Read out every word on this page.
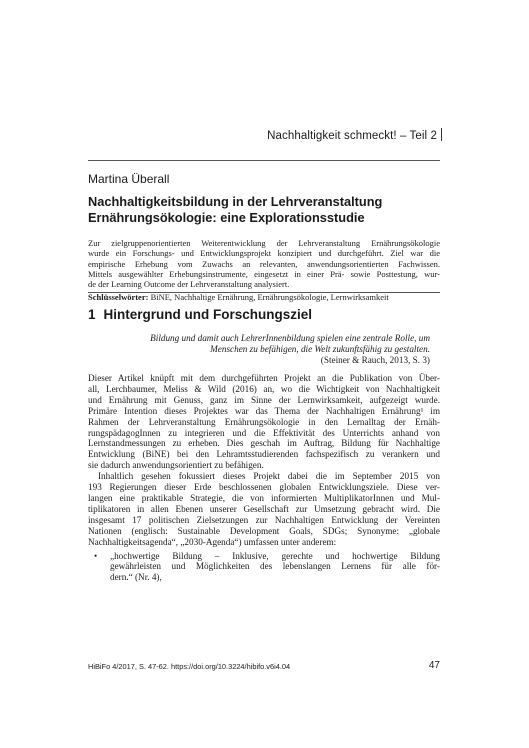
Nachhaltigkeit schmeckt! – Teil 2
Martina Überall
Nachhaltigkeitsbildung in der Lehrveranstaltung
Ernährungsökologie: eine Explorationsstudie
Zur zielgruppenorientierten Weiterentwicklung der Lehrveranstaltung Ernährungsökologie
wurde ein Forschungs- und Entwicklungsprojekt konzipiert und durchgeführt. Ziel war die
empirische Erhebung vom Zuwachs an relevanten, anwendungsorientierten Fachwissen.
Mittels ausgewählter Erhebungsinstrumente, eingesetzt in einer Prä- sowie Posttestung, wur-
de der Learning Outcome der Lehrveranstaltung analysiert.
Schlüsselwörter: BiNE, Nachhaltige Ernährung, Ernährungsökologie, Lernwirksamkeit
1 Hintergrund und Forschungsziel
Bildung und damit auch LehrerInnenbildung spielen eine zentrale Rolle, um
Menschen zu befähigen, die Welt zukunftsfähig zu gestalten.
(Steiner & Rauch, 2013, S. 3)
Dieser Artikel knüpft mit dem durchgeführten Projekt an die Publikation von Über-
all, Lerchbaumer, Meliss & Wild (2016) an, wo die Wichtigkeit von Nachhaltigkeit
und Ernährung mit Genuss, ganz im Sinne der Lernwirksamkeit, aufgezeigt wurde.
Primäre Intention dieses Projektes war das Thema der Nachhaltigen Ernährung¹ im
Rahmen der Lehrveranstaltung Ernährungsökologie in den Lernalltag der Ernäh-
rungspädagogInnen zu integrieren und die Effektivität des Unterrichts anhand von
Lernstandmessungen zu erheben. Dies geschah im Auftrag, Bildung für Nachhaltige
Entwicklung (BiNE) bei den Lehramtsstudierenden fachspezifisch zu verankern und
sie dadurch anwendungsorientiert zu befähigen.
Inhaltlich gesehen fokussiert dieses Projekt dabei die im September 2015 von
193 Regierungen dieser Erde beschlossenen globalen Entwicklungsziele. Diese ver-
langen eine praktikable Strategie, die von informierten MultiplikatorInnen und Mul-
tiplikatoren in allen Ebenen unserer Gesellschaft zur Umsetzung gebracht wird. Die
insgesamt 17 politischen Zielsetzungen zur Nachhaltigen Entwicklung der Vereinten
Nationen (englisch: Sustainable Development Goals, SDGs; Synonyme: „globale
Nachhaltigkeitsagenda“, „2030-Agenda“) umfassen unter anderem:
• „hochwertige Bildung – Inklusive, gerechte und hochwertige Bildung
gewährleisten und Möglichkeiten des lebenslangen Lernens für alle för-
dern.“ (Nr. 4),
HiBiFo 4/2017, S. 47-62. https://doi.org/10.3224/hibifo.v6i4.04	47
